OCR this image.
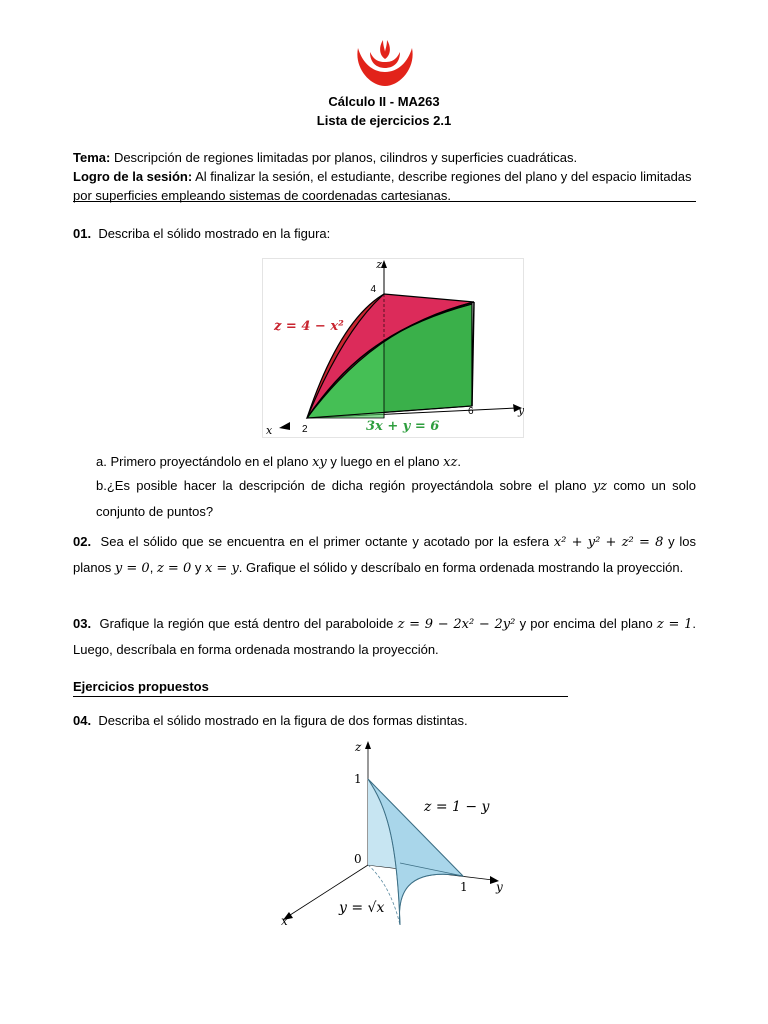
Cálculo II - MA263
Lista de ejercicios 2.1

Tema: Descripción de regiones limitadas por planos, cilindros y superficies cuadráticas.

Logro de la sesión: Al finalizar la sesión, el estudiante, describe regiones del plano y del espacio limitadas por superficies empleando sistemas de coordenadas cartesianas.

01. Describa el sólido mostrado en la figura:
z
4
6	y
2
x
z = 4 − x²
3x + y = 6
a. Primero proyectándolo en el plano xy y luego en el plano xz.
b.¿Es posible hacer la descripción de dicha región proyectándola sobre el plano yz como un solo conjunto de puntos?
02. Sea el sólido que se encuentra en el primer octante y acotado por la esfera x² + y² + z² = 8 y los planos y = 0, z = 0 y x = y. Grafique el sólido y descríbalo en forma ordenada mostrando la proyección.
03. Grafique la región que está dentro del paraboloide z = 9 − 2x² − 2y² y por encima del plano z = 1. Luego, descríbala en forma ordenada mostrando la proyección.
Ejercicios propuestos
04. Describa el sólido mostrado en la figura de dos formas distintas.
z
1
0
1 y
x
z = 1 − y
y = √x
